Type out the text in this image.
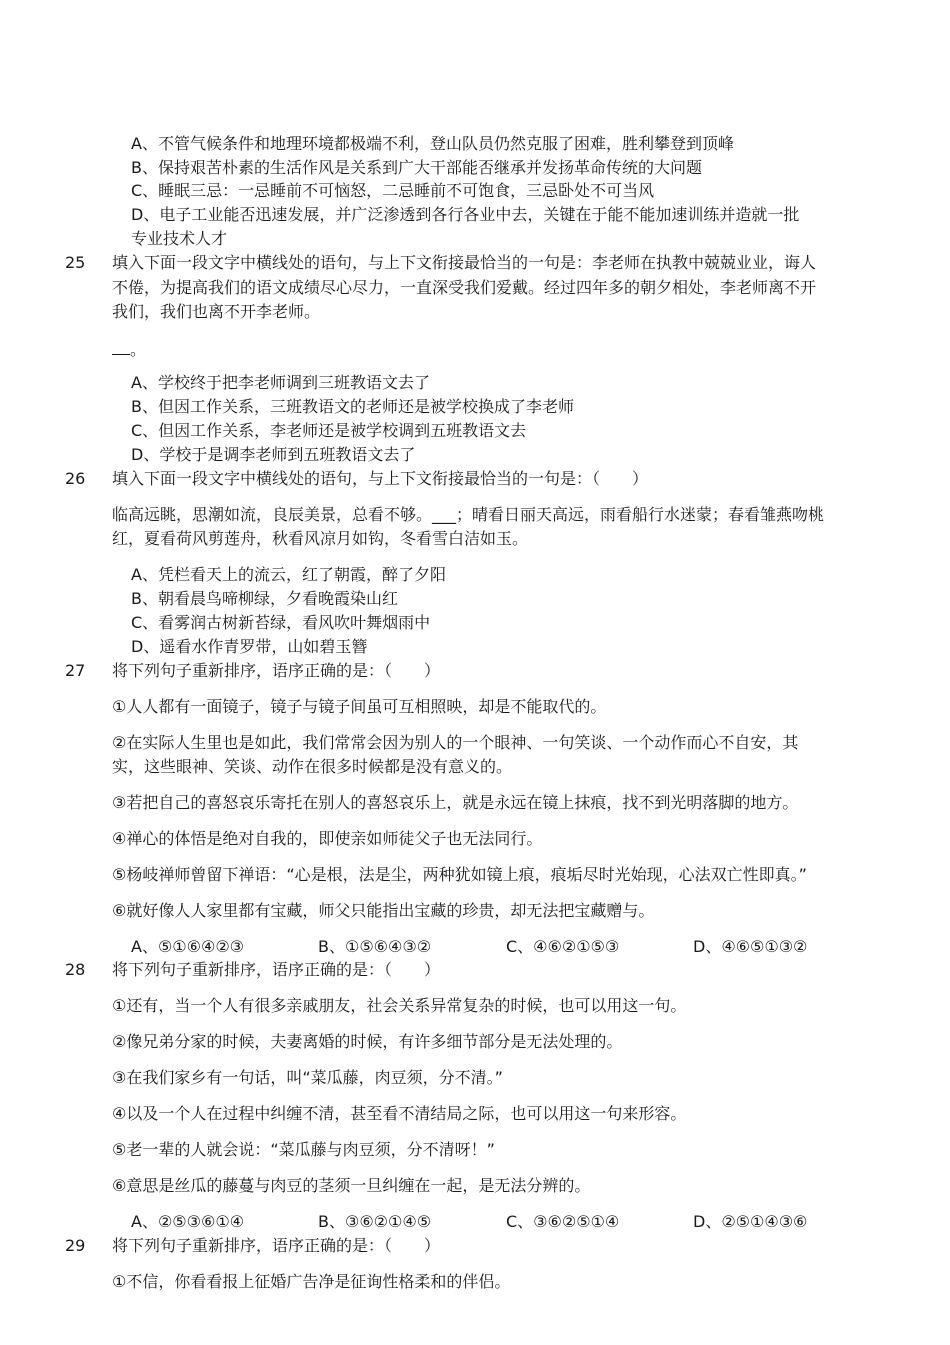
A、不管气候条件和地理环境都极端不利，登山队员仍然克服了困难，胜利攀登到顶峰
B、保持艰苦朴素的生活作风是关系到广大干部能否继承并发扬革命传统的大问题
C、睡眠三忌：一忌睡前不可恼怒，二忌睡前不可饱食，三忌卧处不可当风
D、电子工业能否迅速发展，并广泛渗透到各行各业中去，关键在于能不能加速训练并造就一批
专业技术人才
25 填入下面一段文字中横线处的语句，与上下文衔接最恰当的一句是：李老师在执教中兢兢业业，诲人
不倦，为提高我们的语文成绩尽心尽力，一直深受我们爱戴。经过四年多的朝夕相处，李老师离不开
我们，我们也离不开李老师。
。
A、学校终于把李老师调到三班教语文去了
B、但因工作关系，三班教语文的老师还是被学校换成了李老师
C、但因工作关系，李老师还是被学校调到五班教语文去
D、学校于是调李老师到五班教语文去了
26 填入下面一段文字中横线处的语句，与上下文衔接最恰当的一句是：（　　）
临高远眺，思潮如流，良辰美景，总看不够。___；晴看日丽天高远，雨看船行水迷蒙；春看雏燕吻桃
红，夏看荷风剪莲舟，秋看风凉月如钩，冬看雪白洁如玉。
A、凭栏看天上的流云，红了朝霞，醉了夕阳
B、朝看晨鸟啼柳绿，夕看晚霞染山红
C、看雾润古树新苔绿，看风吹叶舞烟雨中
D、遥看水作青罗带，山如碧玉簪
27 将下列句子重新排序，语序正确的是：（　　）
①人人都有一面镜子，镜子与镜子间虽可互相照映，却是不能取代的。
②在实际人生里也是如此，我们常常会因为别人的一个眼神、一句笑谈、一个动作而心不自安，其
实，这些眼神、笑谈、动作在很多时候都是没有意义的。
③若把自己的喜怒哀乐寄托在别人的喜怒哀乐上，就是永远在镜上抹痕，找不到光明落脚的地方。
④禅心的体悟是绝对自我的，即使亲如师徒父子也无法同行。
⑤杨岐禅师曾留下禅语：“心是根，法是尘，两种犹如镜上痕，痕垢尽时光始现，心法双亡性即真。”
⑥就好像人人家里都有宝藏，师父只能指出宝藏的珍贵，却无法把宝藏赠与。
A、⑤①⑥④②③	B、①⑤⑥④③②	C、④⑥②①⑤③	D、④⑥⑤①③②
28 将下列句子重新排序，语序正确的是：（　　）
①还有，当一个人有很多亲戚朋友，社会关系异常复杂的时候，也可以用这一句。
②像兄弟分家的时候，夫妻离婚的时候，有许多细节部分是无法处理的。
③在我们家乡有一句话，叫“菜瓜藤，肉豆须，分不清。”
④以及一个人在过程中纠缠不清，甚至看不清结局之际，也可以用这一句来形容。
⑤老一辈的人就会说：“菜瓜藤与肉豆须，分不清呀！”
⑥意思是丝瓜的藤蔓与肉豆的茎须一旦纠缠在一起，是无法分辨的。
A、②⑤③⑥①④	B、③⑥②①④⑤	C、③⑥②⑤①④	D、②⑤①④③⑥
29 将下列句子重新排序，语序正确的是：（　　）
①不信，你看看报上征婚广告净是征询性格柔和的伴侣。
